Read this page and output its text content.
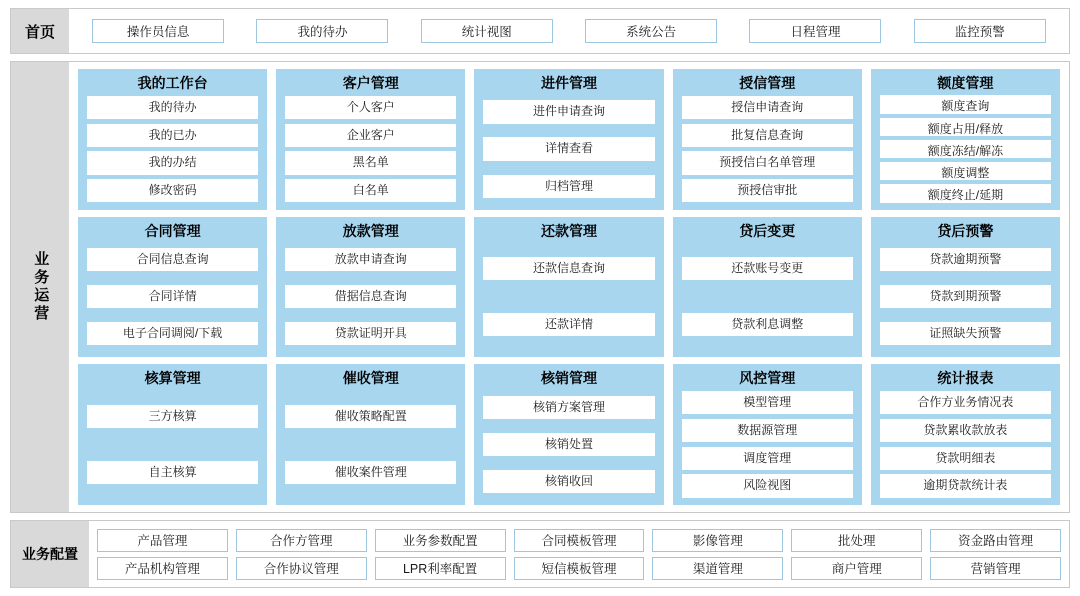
首页	操作员信息	我的待办	统计视图	系统公告	日程管理	监控预警
业务运营
我的工作台
我的待办
我的已办
我的办结
修改密码
客户管理
个人客户
企业客户
黑名单
白名单
进件管理
进件申请查询
详情查看
归档管理
授信管理
授信申请查询
批复信息查询
预授信白名单管理
预授信审批
额度管理
额度查询
额度占用/释放
额度冻结/解冻
额度调整
额度终止/延期
合同管理
合同信息查询
合同详情
电子合同调阅/下载
放款管理
放款申请查询
借据信息查询
贷款证明开具
还款管理
还款信息查询
还款详情
贷后变更
还款账号变更
贷款利息调整
贷后预警
贷款逾期预警
贷款到期预警
证照缺失预警
核算管理
三方核算
自主核算
催收管理
催收策略配置
催收案件管理
核销管理
核销方案管理
核销处置
核销收回
风控管理
模型管理
数据源管理
调度管理
风险视图
统计报表
合作方业务情况表
贷款累收款放表
贷款明细表
逾期贷款统计表
业务配置
产品管理	合作方管理	业务参数配置	合同模板管理	影像管理	批处理	资金路由管理
产品机构管理	合作协议管理	LPR利率配置	短信模板管理	渠道管理	商户管理	营销管理
